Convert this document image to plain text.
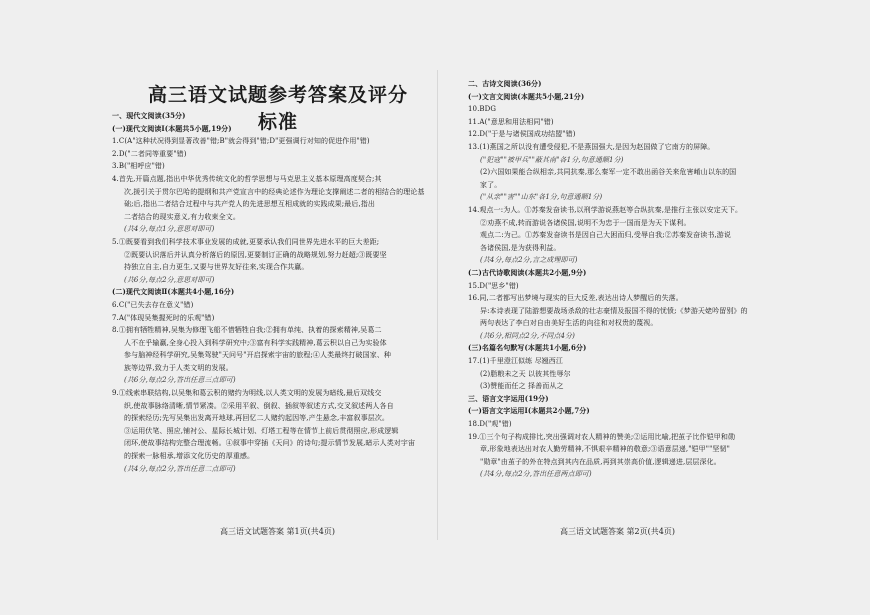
高三语文试题参考答案及评分标准
一、现代文阅读(35分)
(一)现代文阅读Ⅰ(本题共5小题,19分)
1.C(A"这种状况得到显著改善"错;B"就会得到"错;D"更强调行对知的促进作用"错)
2.D("二者同等重要"错)
3.B("相呼应"错)
4.首先,开篇点题,指出中华优秀传统文化的哲学思想与马克思主义基本原理高度契合;其
次,援引关于贯尔巴哈的提纲和共产党宣言中的经典论述作为理论支撑阐述二者的相结合的理论基
础;后,指出二者结合过程中与共产党人的先进思想互相成就的实践成果;最后,指出
二者结合的现实意义,有力收束全文。
(共4分,每点1分,意思对即可)
5.①既要看到我们科学技术事业发展的成就,更要承认我们同世界先进水平的巨大差距;
②既要认识落后并认真分析落后的原因,更要制订正确的战略规划,努力赶超;③既要坚
持独立自主,自力更生,又要与世界友好往来,实现合作共赢。
(共6分,每点2分,意思对即可)
(二)现代文阅读Ⅱ(本题共4小题,16分)
6.C("已失去存在意义"错)
7.A("体现吴集握死时的乐观"错)
8.①拥有牺牲精神,吴集为修理飞船不惜牺牲自我;②拥有单纯、执着的探索精神,吴葛二
人不在乎输赢,全身心投入到科学研究中;③富有科学实践精神,葛云积以自己为实验体
参与脑神经科学研究,吴集驾驶"天问号"开启探索宇宙的旅程;④人类最终打破国家、种
族等边界,致力于人类文明的发展。
(共6分,每点2分,答出任意三点即可)
9.①线索串联结构,以吴集和葛云积的赌约为明线,以人类文明的发展为暗线,最后双线交
织,使故事脉络清晰,情节紧凑。②采用平叙、倒叙、插叙等叙述方式,交叉叙述两人各自
的探索经历;先写吴集出发离开地球,再回忆二人赌约起因等,产生悬念,丰富叙事层次。
③运用伏笔、照应,铺衬公、星际长城计划、灯塔工程等在情节上前后贯彻照应,形成逻辑
闭环,使故事结构完整合理流畅。④叙事中穿插《天问》的诗句;提示情节发展,暗示人类对宇宙
的探索一脉相承,增添文化历史的厚重感。
(共4分,每点2分,答出任意二点即可)
二、古诗文阅读(36分)
(一)文言文阅读(本题共5小题,21分)
10.BDG
11.A("意思和用法相同"错)
12.D("于是与诸侯国成功结盟"错)
13.(1)燕国之所以没有遭受侵犯,不是燕国强大,是因为赵国做了它南方的屏障。
("犯寇""被甲兵""蔽其南"各1分,句意通顺1分)
(2)六国如果能合纵相亲,共同抗秦,那么秦军一定不敢出函谷关来危害崤山以东的国
家了。
("从亲""害""山东"各1分,句意通顺1分)
14.观点一:为人。①苏秦发奋读书,以刑学游说燕赵等合纵抗秦,是推行主张以安定天下。
②劝燕不成,转而游说各诸侯国,说明不为忠于一国而是为天下谋利。
观点二:为己。①苏秦发奋读书是因自己大困而归,受辱自我;②苏秦发奋读书,游说
各诸侯国,是为获得利益。
(共4分,每点2分,言之成理即可)
(二)古代诗歌阅读(本题共2小题,9分)
15.D("思乡"错)
16.同,二者都写出梦境与现实的巨大反差,表达出诗人梦醒后的失落。
异:本诗表现了陆游想要战场杀敌的壮志豪情及报国不得的忧愤;《梦游天姥吟留别》的
两句表达了李白对自由美好生活的向往和对权贵的蔑视。
(共6分,相同点2分,不同点4分)
(三)名篇名句默写(本题共1小题,6分)
17.(1)千里澄江似练 尽翘西江
(2)脂粮未之天 以彼其性辱尔
(3)赞能而任之 择善而从之
三、语言文字运用(19分)
(一)语言文字运用Ⅰ(本题共2小题,7分)
18.D("观"错)
19.①三个句子构成排比,突出强调对农人精神的赞美;②运用比喻,把茧子比作铠甲和勋
章,形象地表达出对农人勤劳精神,不惧艰辛精神的敬意;③语意层递,"铠甲""坚韧"
"勋章"由茧子的外在特点到其内在品质,再到其崇高价值,逻辑递进,层层深化。
(共4分,每点2分,答出任意两点即可)
高三语文试题答案 第1页(共4页)	高三语文试题答案 第2页(共4页)
